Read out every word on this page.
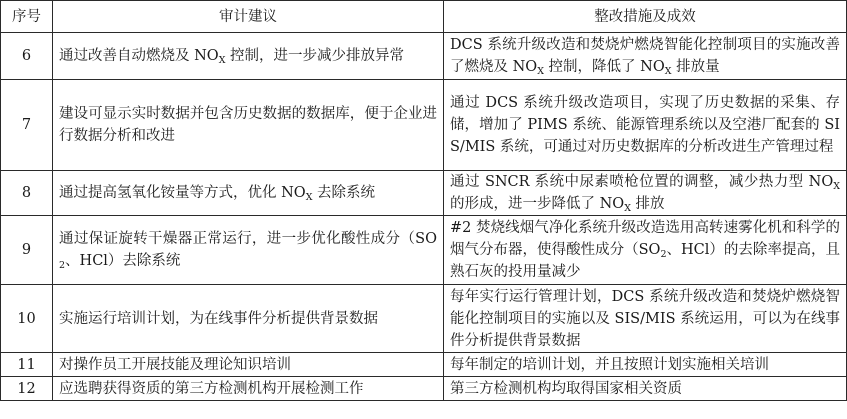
序号	审计建议	整改措施及成效
6	通过改善自动燃烧及 $NO_X$ 控制，进一步减少排放异常	DCS 系统升级改造和焚烧炉燃烧智能化控制项目的实施改善了燃烧及 $NO_X$ 控制，降低了 $NO_X$ 排放量
7	建设可显示实时数据并包含历史数据的数据库，便于企业进行数据分析和改进	通过 DCS 系统升级改造项目，实现了历史数据的采集、存储，增加了 PIMS 系统、能源管理系统以及空港厂配套的 SIS/MIS 系统，可通过对历史数据库的分析改进生产管理过程
8	通过提高氢氧化铵量等方式，优化 $NO_X$ 去除系统	通过 SNCR 系统中尿素喷枪位置的调整，减少热力型 $NO_X$ 的形成，进一步降低了 $NO_X$ 排放
9	通过保证旋转干燥器正常运行，进一步优化酸性成分（$SO_2$、HCl）去除系统	#2 焚烧线烟气净化系统升级改造选用高转速雾化机和科学的烟气分布器，使得酸性成分（$SO_2$、HCl）的去除率提高，且熟石灰的投用量减少
10	实施运行培训计划，为在线事件分析提供背景数据	每年实行运行管理计划，DCS 系统升级改造和焚烧炉燃烧智能化控制项目的实施以及 SIS/MIS 系统运用，可以为在线事件分析提供背景数据
11	对操作员工开展技能及理论知识培训	每年制定的培训计划，并且按照计划实施相关培训
12	应选聘获得资质的第三方检测机构开展检测工作	第三方检测机构均取得国家相关资质
